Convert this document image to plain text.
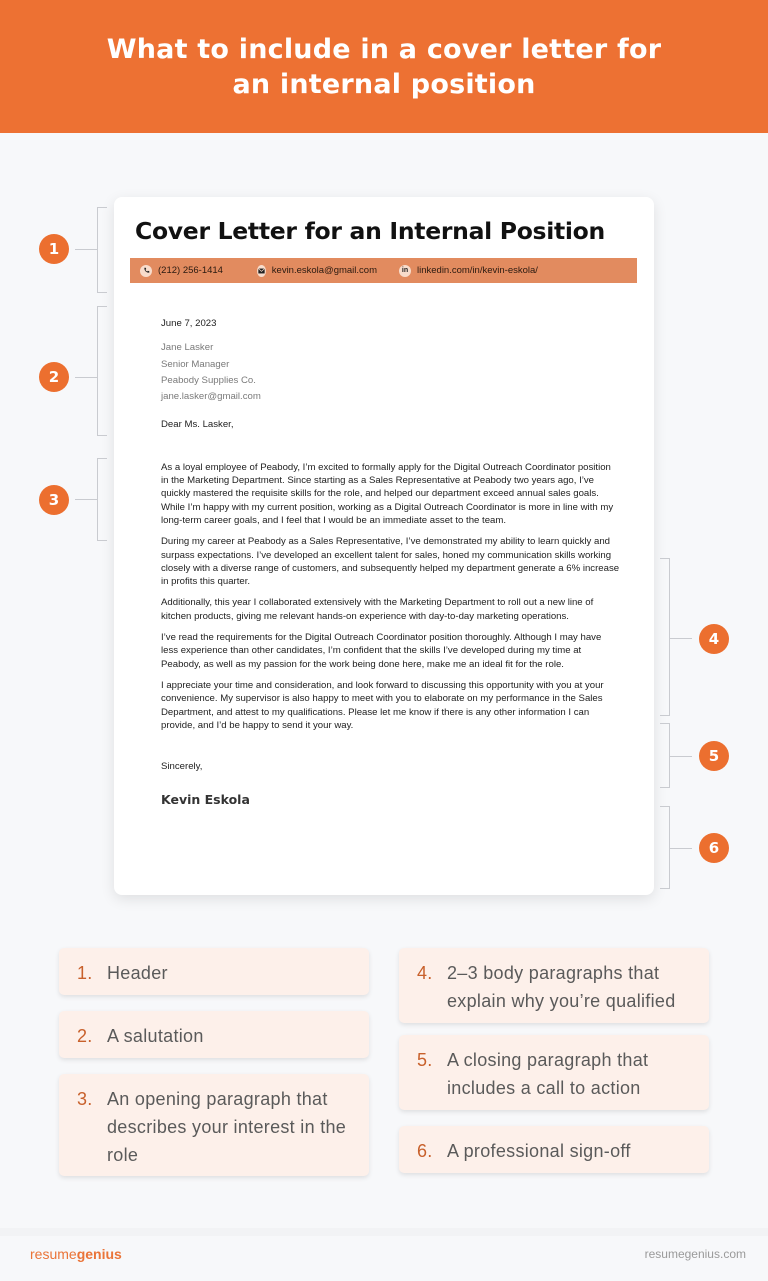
What to include in a cover letter for an internal position
Cover Letter for an Internal Position
(212) 256-1414	kevin.eskola@gmail.com	in linkedin.com/in/kevin-eskola/
June 7, 2023
Jane Lasker
Senior Manager
Peabody Supplies Co.
jane.lasker@gmail.com
Dear Ms. Lasker,

As a loyal employee of Peabody, I’m excited to formally apply for the Digital Outreach Coordinator position in the Marketing Department. Since starting as a Sales Representative at Peabody two years ago, I’ve quickly mastered the requisite skills for the role, and helped our department exceed annual sales goals. While I’m happy with my current position, working as a Digital Outreach Coordinator is more in line with my long-term career goals, and I feel that I would be an immediate asset to the team.

During my career at Peabody as a Sales Representative, I’ve demonstrated my ability to learn quickly and surpass expectations. I’ve developed an excellent talent for sales, honed my communication skills working closely with a diverse range of customers, and subsequently helped my department generate a 6% increase in profits this quarter.

Additionally, this year I collaborated extensively with the Marketing Department to roll out a new line of kitchen products, giving me relevant hands-on experience with day-to-day marketing operations.

I’ve read the requirements for the Digital Outreach Coordinator position thoroughly. Although I may have less experience than other candidates, I’m confident that the skills I’ve developed during my time at Peabody, as well as my passion for the work being done here, make me an ideal fit for the role.

I appreciate your time and consideration, and look forward to discussing this opportunity with you at your convenience. My supervisor is also happy to meet with you to elaborate on my performance in the Sales Department, and attest to my qualifications. Please let me know if there is any other information I can provide, and I’d be happy to send it your way.

Sincerely,
Kevin Eskola
1
2
3
4
5
6
1. Header
2. A salutation
3. An opening paragraph that describes your interest in the role
4. 2–3 body paragraphs that explain why you’re qualified
5. A closing paragraph that includes a call to action
6. A professional sign-off
resumegenius	resumegenius.com
